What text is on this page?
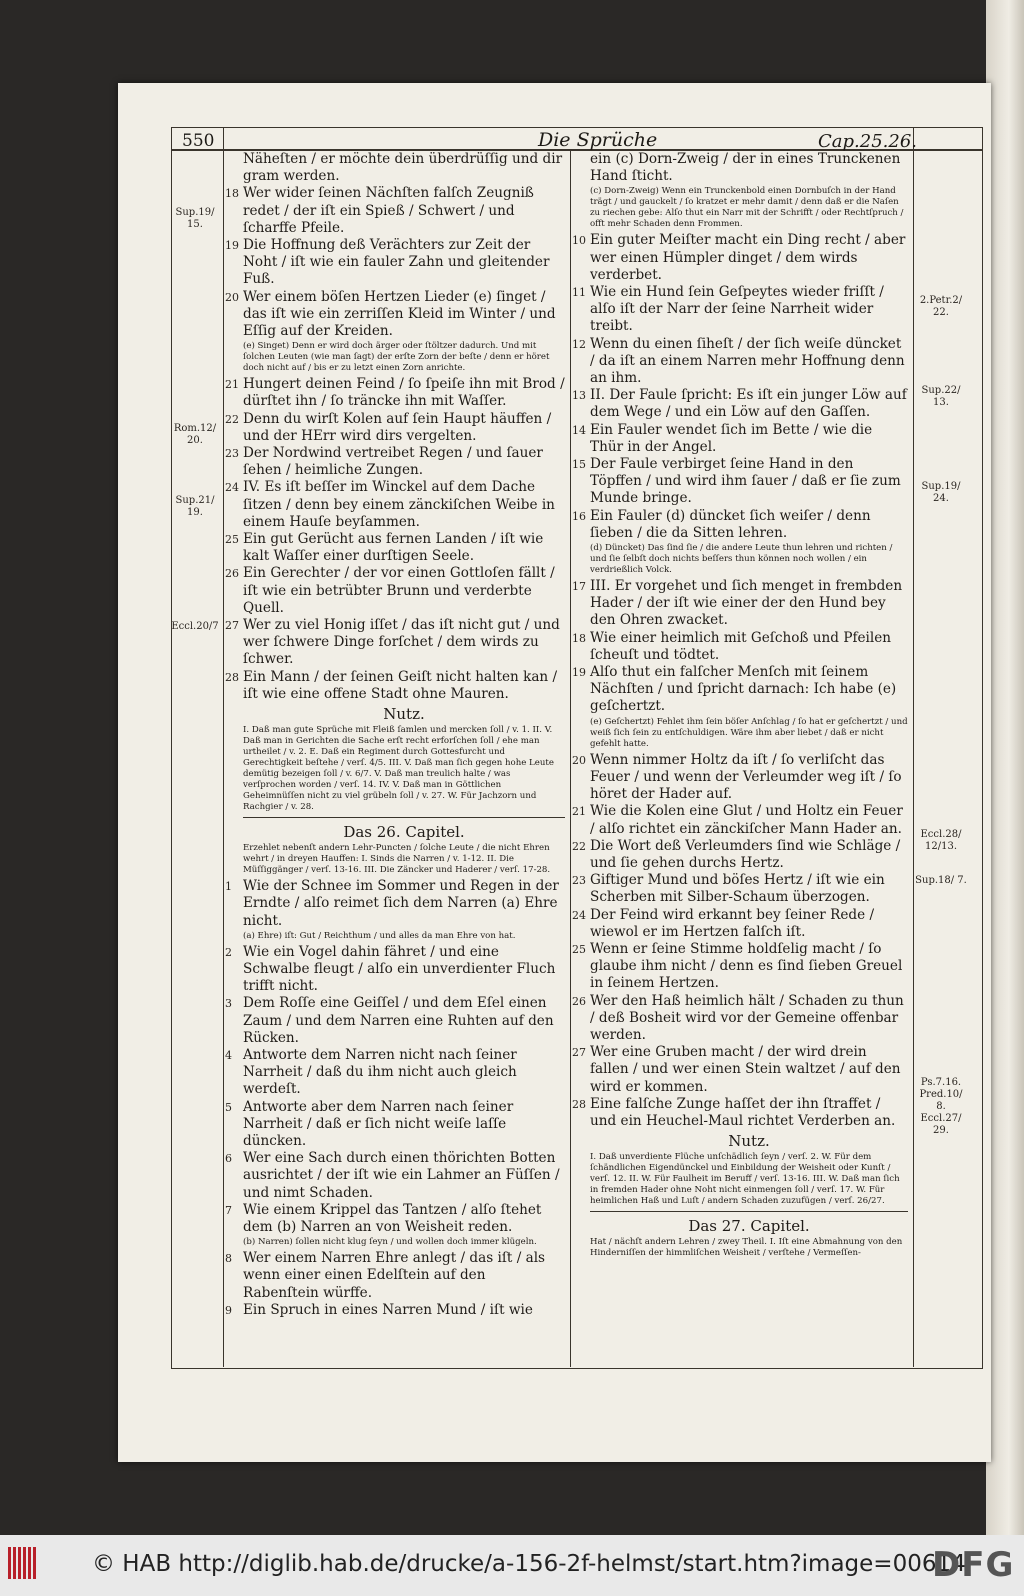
550	Die Sprüche	Cap.25.26.
Sup.19/ 15.
Rom.12/ 20.
Sup.21/ 19.
Eccl.20/7
2.Petr.2/ 22.
Sup.22/ 13.
Sup.19/ 24.
Eccl.28/ 12/13.
Sup.18/ 7.
Ps.7.16. Pred.10/ 8. Eccl.27/ 29.

Näheſten / er möchte dein überdrüſſig und dir gram werden.

18 Wer wider ſeinen Nächſten falſch Zeugniß redet / der iſt ein Spieß / Schwert / und ſcharffe Pfeile.

19 Die Hoffnung deß Verächters zur Zeit der Noht / iſt wie ein fauler Zahn und gleitender Fuß.

20 Wer einem böſen Hertzen Lieder (e) ſinget / das iſt wie ein zerriſſen Kleid im Winter / und Eſſig auf der Kreiden.

(e) Singet) Denn er wird doch ärger oder ſtöltzer dadurch. Und mit ſolchen Leuten (wie man ſagt) der erſte Zorn der beſte / denn er höret doch nicht auf / bis er zu letzt einen Zorn anrichte.

21 Hungert deinen Feind / ſo ſpeiſe ihn mit Brod / dürſtet ihn / ſo träncke ihn mit Waſſer.

22 Denn du wirſt Kolen auf ſein Haupt häuffen / und der HErr wird dirs vergelten.

23 Der Nordwind vertreibet Regen / und ſauer ſehen / heimliche Zungen.

24 IV. Es iſt beſſer im Winckel auf dem Dache ſitzen / denn bey einem zänckiſchen Weibe in einem Hauſe beyſammen.

25 Ein gut Gerücht aus fernen Landen / iſt wie kalt Waſſer einer durſtigen Seele.

26 Ein Gerechter / der vor einen Gottloſen fällt / iſt wie ein betrübter Brunn und verderbte Quell.

27 Wer zu viel Honig iſſet / das iſt nicht gut / und wer ſchwere Dinge forſchet / dem wirds zu ſchwer.

28 Ein Mann / der ſeinen Geiſt nicht halten kan / iſt wie eine offene Stadt ohne Mauren.

Nutz.

I. Daß man gute Sprüche mit Fleiß ſamlen und mercken ſoll / v. 1. II. V. Daß man in Gerichten die Sache erſt recht erforſchen ſoll / ehe man urtheilet / v. 2. E. Daß ein Regiment durch Gottesfurcht und Gerechtigkeit beſtehe / verſ. 4/5. III. V. Daß man ſich gegen hohe Leute demütig bezeigen ſoll / v. 6/7. V. Daß man treulich halte / was verſprochen worden / verſ. 14. IV. V. Daß man in Göttlichen Geheimnüſſen nicht zu viel grübeln ſoll / v. 27. W. Für Jachzorn und Rachgier / v. 28.

Das 26. Capitel.

Erzehlet nebenſt andern Lehr-Puncten / ſolche Leute / die nicht Ehren wehrt / in dreyen Hauffen: I. Sinds die Narren / v. 1-12. II. Die Müſſiggänger / verſ. 13-16. III. Die Zäncker und Haderer / verſ. 17-28.

1 Wie der Schnee im Sommer und Regen in der Erndte / alſo reimet ſich dem Narren (a) Ehre nicht.

(a) Ehre) iſt: Gut / Reichthum / und alles da man Ehre von hat.

2 Wie ein Vogel dahin fähret / und eine Schwalbe fleugt / alſo ein unverdienter Fluch trifft nicht.

3 Dem Roſſe eine Geiſſel / und dem Eſel einen Zaum / und dem Narren eine Ruhten auf den Rücken.

4 Antworte dem Narren nicht nach ſeiner Narrheit / daß du ihm nicht auch gleich werdeſt.

5 Antworte aber dem Narren nach ſeiner Narrheit / daß er ſich nicht weiſe laſſe düncken.

6 Wer eine Sach durch einen thörichten Botten ausrichtet / der iſt wie ein Lahmer an Füſſen / und nimt Schaden.

7 Wie einem Krippel das Tantzen / alſo ſtehet dem (b) Narren an von Weisheit reden.

(b) Narren) ſollen nicht klug ſeyn / und wollen doch immer klügeln.

8 Wer einem Narren Ehre anlegt / das iſt / als wenn einer einen Edelſtein auf den Rabenſtein würffe.

9 Ein Spruch in eines Narren Mund / iſt wie

ein (c) Dorn-Zweig / der in eines Trunckenen Hand ſticht.

(c) Dorn-Zweig) Wenn ein Trunckenbold einen Dornbuſch in der Hand trägt / und gauckelt / ſo kratzet er mehr damit / denn daß er die Naſen zu riechen gebe: Alſo thut ein Narr mit der Schrifft / oder Rechtſpruch / offt mehr Schaden denn Frommen.

10 Ein guter Meiſter macht ein Ding recht / aber wer einen Hümpler dinget / dem wirds verderbet.

11 Wie ein Hund ſein Geſpeytes wieder friſſt / alſo iſt der Narr der ſeine Narrheit wider treibt.

12 Wenn du einen ſiheſt / der ſich weiſe düncket / da iſt an einem Narren mehr Hoffnung denn an ihm.

13 II. Der Faule ſpricht: Es iſt ein junger Löw auf dem Wege / und ein Löw auf den Gaſſen.

14 Ein Fauler wendet ſich im Bette / wie die Thür in der Angel.

15 Der Faule verbirget ſeine Hand in den Töpffen / und wird ihm ſauer / daß er ſie zum Munde bringe.

16 Ein Fauler (d) düncket ſich weiſer / denn ſieben / die da Sitten lehren.

(d) Düncket) Das ſind ſie / die andere Leute thun lehren und richten / und ſie ſelbſt doch nichts beſſers thun können noch wollen / ein verdrießlich Volck.

17 III. Er vorgehet und ſich menget in frembden Hader / der iſt wie einer der den Hund bey den Ohren zwacket.

18 Wie einer heimlich mit Geſchoß und Pfeilen ſcheuſt und tödtet.

19 Alſo thut ein falſcher Menſch mit ſeinem Nächſten / und ſpricht darnach: Ich habe (e) geſchertzt.

(e) Geſchertzt) Fehlet ihm ſein böſer Anſchlag / ſo hat er geſchertzt / und weiß ſich ſein zu entſchuldigen. Wäre ihm aber liebet / daß er nicht gefehlt hatte.

20 Wenn nimmer Holtz da iſt / ſo verliſcht das Feuer / und wenn der Verleumder weg iſt / ſo höret der Hader auf.

21 Wie die Kolen eine Glut / und Holtz ein Feuer / alſo richtet ein zänckiſcher Mann Hader an.

22 Die Wort deß Verleumders ſind wie Schläge / und ſie gehen durchs Hertz.

23 Giftiger Mund und böſes Hertz / iſt wie ein Scherben mit Silber-Schaum überzogen.

24 Der Feind wird erkannt bey ſeiner Rede / wiewol er im Hertzen falſch iſt.

25 Wenn er ſeine Stimme holdſelig macht / ſo glaube ihm nicht / denn es ſind ſieben Greuel in ſeinem Hertzen.

26 Wer den Haß heimlich hält / Schaden zu thun / deß Bosheit wird vor der Gemeine offenbar werden.

27 Wer eine Gruben macht / der wird drein fallen / und wer einen Stein waltzet / auf den wird er kommen.

28 Eine falſche Zunge haſſet der ihn ſtraffet / und ein Heuchel-Maul richtet Verderben an.

Nutz.

I. Daß unverdiente Flüche unſchädlich ſeyn / verſ. 2. W. Für dem ſchändlichen Eigendünckel und Einbildung der Weisheit oder Kunſt / verſ. 12. II. W. Für Faulheit im Beruff / verſ. 13-16. III. W. Daß man ſich in fremden Hader ohne Noht nicht einmengen ſoll / verſ. 17. W. Für heimlichen Haß und Luſt / andern Schaden zuzufügen / verſ. 26/27.

Das 27. Capitel.

Hat / nächſt andern Lehren / zwey Theil. I. Iſt eine Abmahnung von den Hinderniſſen der himmliſchen Weisheit / verſtehe / Vermeſſen-

© HAB http://diglib.hab.de/drucke/a-156-2f-helmst/start.htm?image=00614
DFG
